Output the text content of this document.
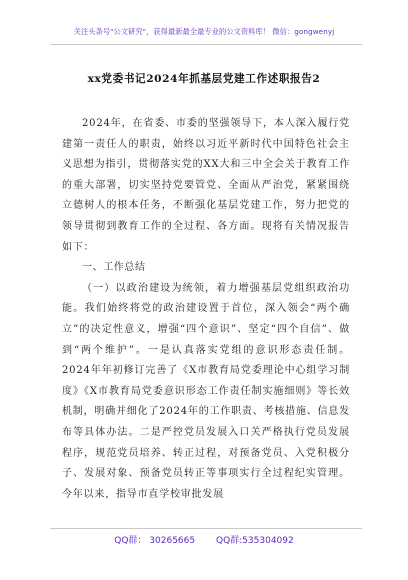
关注头条号"公文研究"，获得最新最全最专业的公文资料库！ 微信：gongwenyj
xx党委书记2024年抓基层党建工作述职报告2

2024年，在省委、市委的坚强领导下，本人深入履行党建第一责任人的职责，始终以习近平新时代中国特色社会主义思想为指引，贯彻落实党的XX大和三中全会关于教育工作的重大部署，切实坚持党要管党、全面从严治党，紧紧围绕立德树人的根本任务，不断强化基层党建工作，努力把党的领导贯彻到教育工作的全过程、各方面。现将有关情况报告如下：

一、工作总结

（一）以政治建设为统领，着力增强基层党组织政治功能。我们始终将党的政治建设置于首位，深入领会“两个确立”的决定性意义，增强“四个意识”、坚定“四个自信”、做到“两个维护”。一是认真落实党组的意识形态责任制。2024年年初修订完善了《X市教育局党委理论中心组学习制度》《X市教育局党委意识形态工作责任制实施细则》等长效机制，明确并细化了2024年的工作职责、考核措施、信息发布等具体办法。二是严控党员发展入口关严格执行党员发展程序，规范党员培养、转正过程，对预备党员、入党积极分子、发展对象、预备党员转正等事项实行全过程纪实管理。今年以来，指导市直学校审批发展

QQ群： 30265665 QQ群:535304092
